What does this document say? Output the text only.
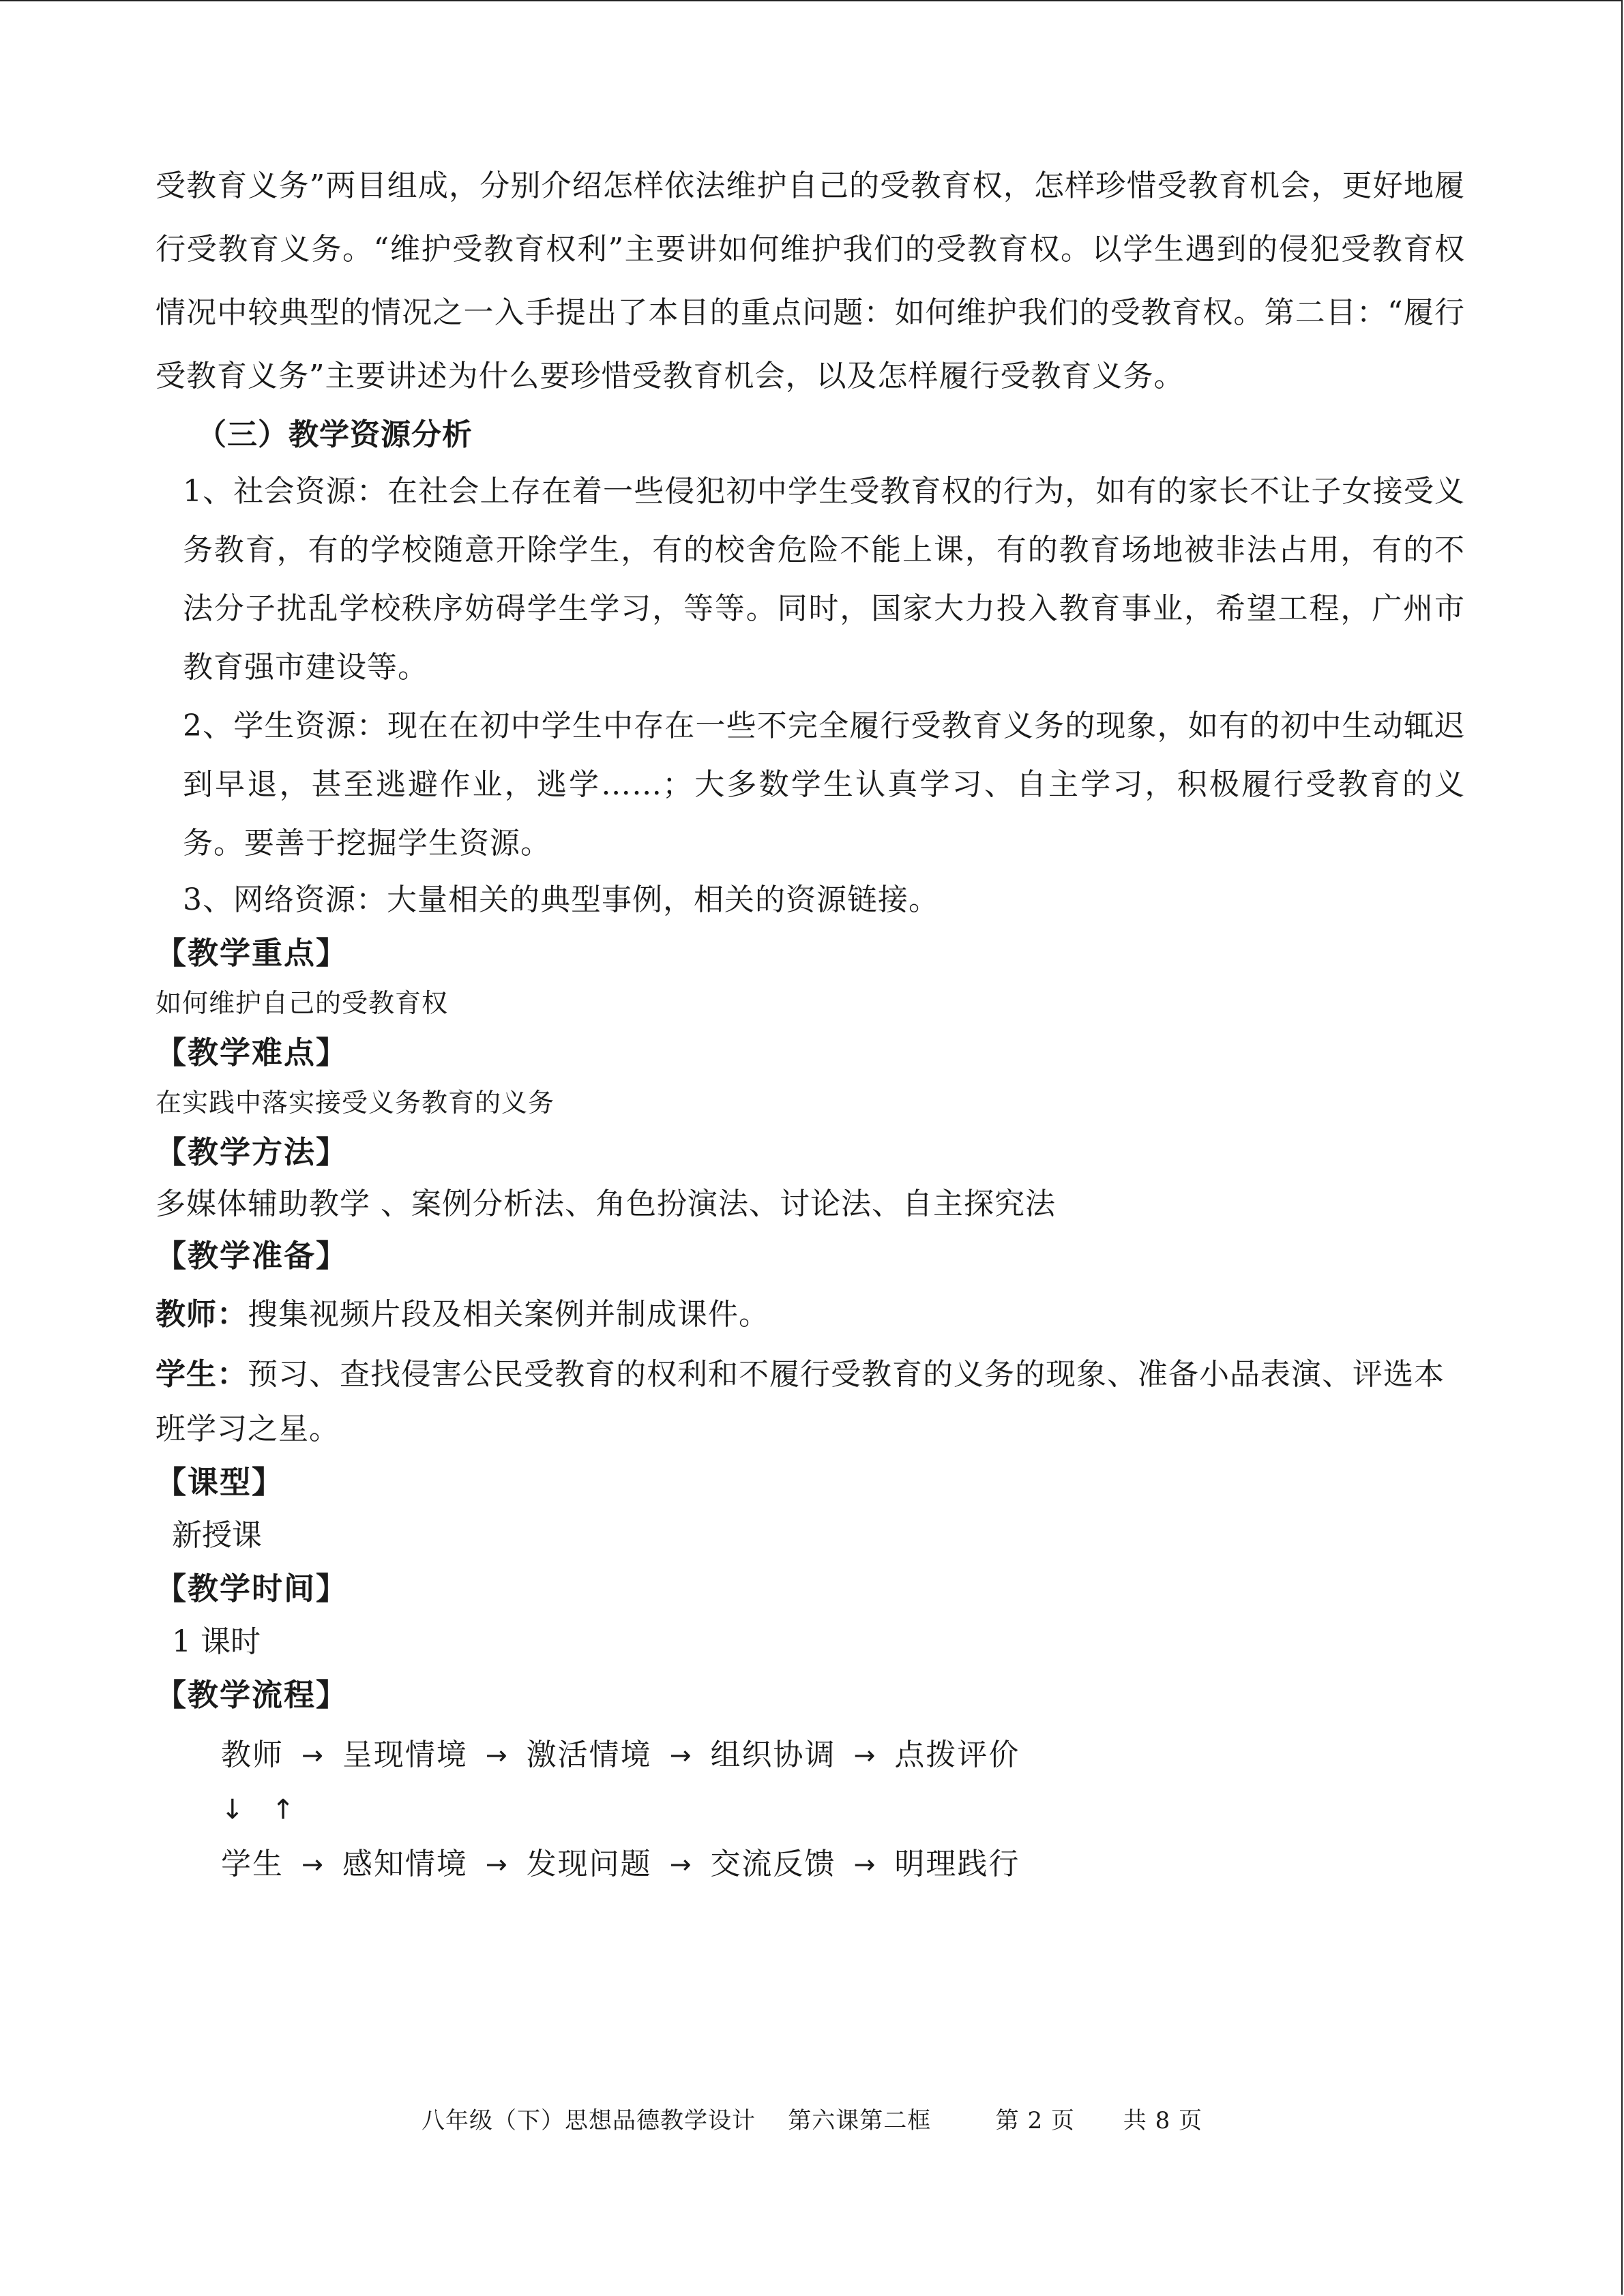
受教育义务”两目组成，分别介绍怎样依法维护自己的受教育权，怎样珍惜受教育机会，更好地履行受教育义务。“维护受教育权利”主要讲如何维护我们的受教育权。以学生遇到的侵犯受教育权情况中较典型的情况之一入手提出了本目的重点问题：如何维护我们的受教育权。第二目：“履行受教育义务”主要讲述为什么要珍惜受教育机会，以及怎样履行受教育义务。

（三）教学资源分析

1、社会资源：在社会上存在着一些侵犯初中学生受教育权的行为，如有的家长不让子女接受义务教育，有的学校随意开除学生，有的校舍危险不能上课，有的教育场地被非法占用，有的不法分子扰乱学校秩序妨碍学生学习，等等。同时，国家大力投入教育事业，希望工程，广州市教育强市建设等。

2、学生资源：现在在初中学生中存在一些不完全履行受教育义务的现象，如有的初中生动辄迟到早退，甚至逃避作业，逃学……；大多数学生认真学习、自主学习，积极履行受教育的义务。要善于挖掘学生资源。

3、网络资源：大量相关的典型事例，相关的资源链接。

【教学重点】

如何维护自己的受教育权

【教学难点】

在实践中落实接受义务教育的义务

【教学方法】

多媒体辅助教学 、案例分析法、角色扮演法、讨论法、自主探究法

【教学准备】

教师：搜集视频片段及相关案例并制成课件。

学生：预习、查找侵害公民受教育的权利和不履行受教育的义务的现象、准备小品表演、评选本班学习之星。

【课型】

新授课

【教学时间】

1 课时

【教学流程】

教师 → 呈现情境 → 激活情境 → 组织协调 → 点拨评价
↓ ↑
学生 → 感知情境 → 发现问题 → 交流反馈 → 明理践行
八年级（下）思想品德教学设计 第六课第二框	第 2 页 共 8 页
